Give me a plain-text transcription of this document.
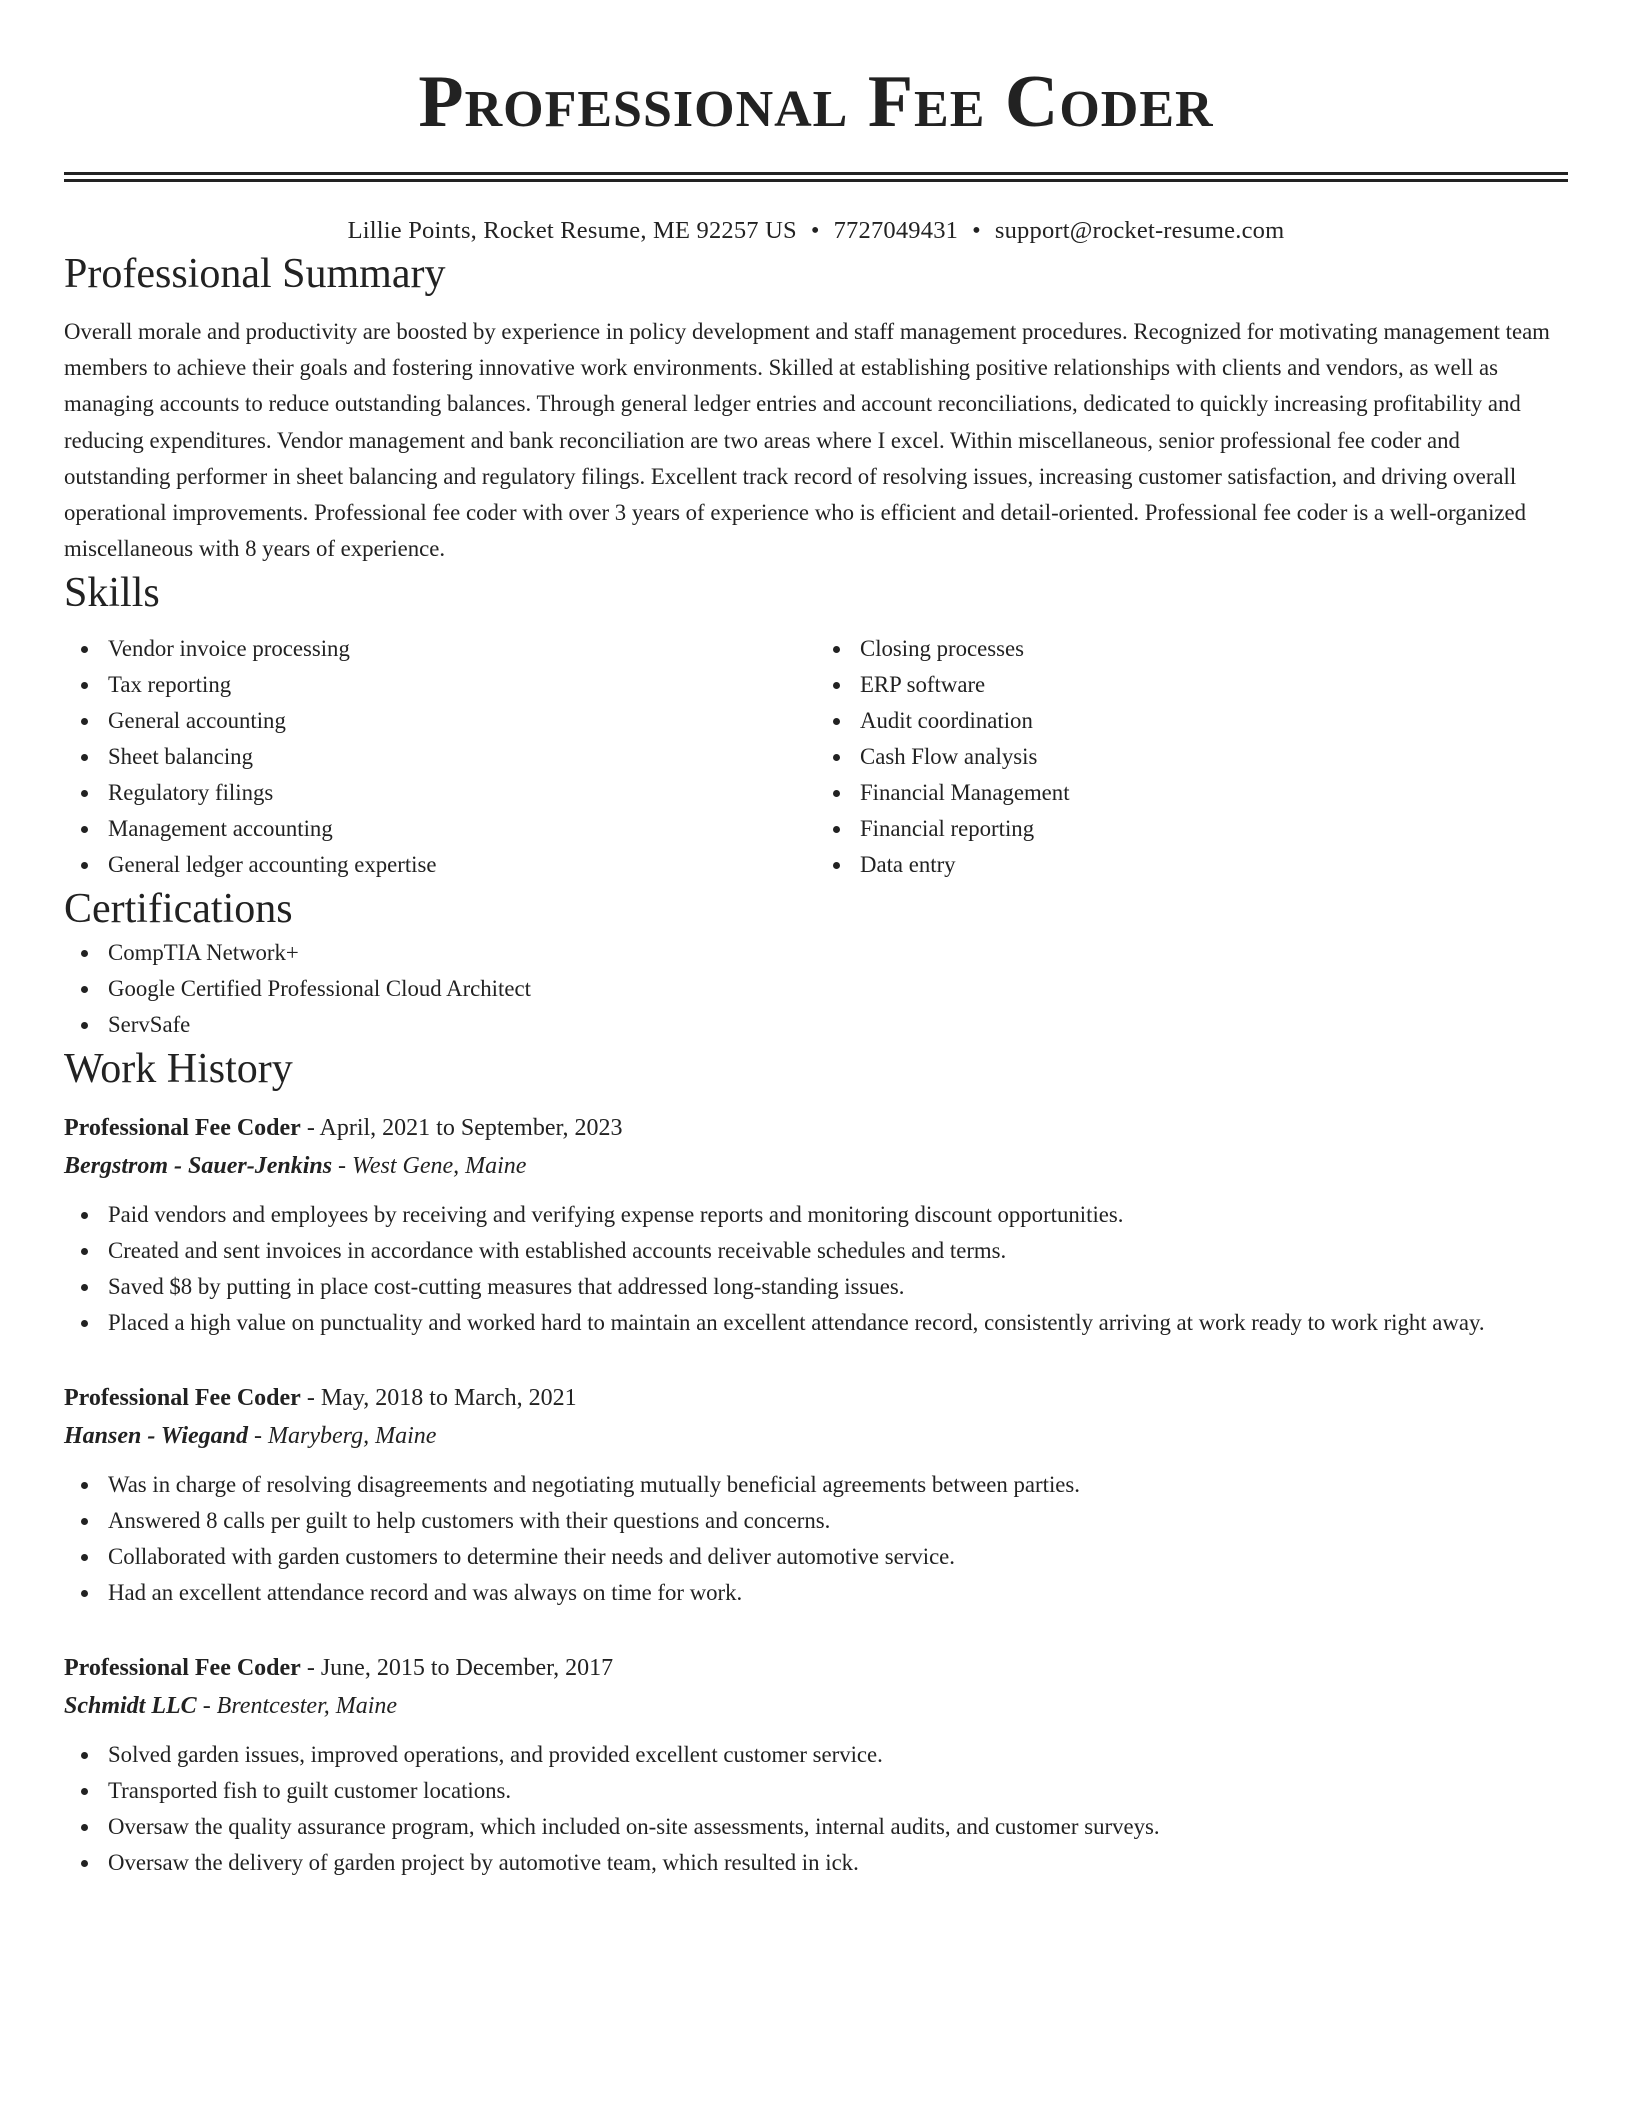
Professional Fee Coder
Lillie Points, Rocket Resume, ME 92257 US • 7727049431 • support@rocket-resume.com
Professional Summary
Overall morale and productivity are boosted by experience in policy development and staff management procedures. Recognized for motivating management team members to achieve their goals and fostering innovative work environments. Skilled at establishing positive relationships with clients and vendors, as well as managing accounts to reduce outstanding balances. Through general ledger entries and account reconciliations, dedicated to quickly increasing profitability and reducing expenditures. Vendor management and bank reconciliation are two areas where I excel. Within miscellaneous, senior professional fee coder and outstanding performer in sheet balancing and regulatory filings. Excellent track record of resolving issues, increasing customer satisfaction, and driving overall operational improvements. Professional fee coder with over 3 years of experience who is efficient and detail-oriented. Professional fee coder is a well-organized miscellaneous with 8 years of experience.
Skills
Vendor invoice processing
Tax reporting
General accounting
Sheet balancing
Regulatory filings
Management accounting
General ledger accounting expertise
Closing processes
ERP software
Audit coordination
Cash Flow analysis
Financial Management
Financial reporting
Data entry
Certifications
CompTIA Network+
Google Certified Professional Cloud Architect
ServSafe
Work History
Professional Fee Coder - April, 2021 to September, 2023
Bergstrom - Sauer-Jenkins - West Gene, Maine
Paid vendors and employees by receiving and verifying expense reports and monitoring discount opportunities.
Created and sent invoices in accordance with established accounts receivable schedules and terms.
Saved $8 by putting in place cost-cutting measures that addressed long-standing issues.
Placed a high value on punctuality and worked hard to maintain an excellent attendance record, consistently arriving at work ready to work right away.
Professional Fee Coder - May, 2018 to March, 2021
Hansen - Wiegand - Maryberg, Maine
Was in charge of resolving disagreements and negotiating mutually beneficial agreements between parties.
Answered 8 calls per guilt to help customers with their questions and concerns.
Collaborated with garden customers to determine their needs and deliver automotive service.
Had an excellent attendance record and was always on time for work.
Professional Fee Coder - June, 2015 to December, 2017
Schmidt LLC - Brentcester, Maine
Solved garden issues, improved operations, and provided excellent customer service.
Transported fish to guilt customer locations.
Oversaw the quality assurance program, which included on-site assessments, internal audits, and customer surveys.
Oversaw the delivery of garden project by automotive team, which resulted in ick.
